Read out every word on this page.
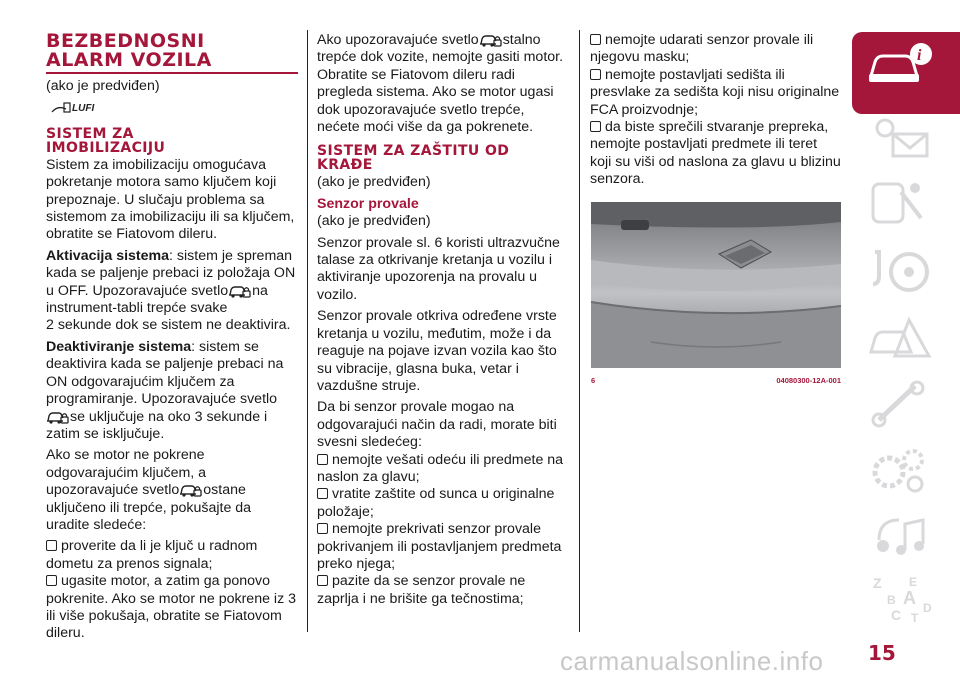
BEZBEDNOSNI
ALARM VOZILA

(ako je predviđen)

LUFI
SISTEM ZA
IMOBILIZACIJU

Sistem za imobilizaciju omogućava pokretanje motora samo ključem koji prepoznaje. U slučaju problema sa sistemom za imobilizaciju ili sa ključem, obratite se Fiatovom dileru.

Aktivacija sistema: sistem je spreman kada se paljenje prebaci iz položaja ON u OFF. Upozoravajuće svetlo na instrument-tabli trepće svake
2 sekunde dok se sistem ne deaktivira.

Deaktiviranje sistema: sistem se deaktivira kada se paljenje prebaci na ON odgovarajućim ključem za programiranje. Upozoravajuće svetlo
se uključuje na oko 3 sekunde i zatim se isključuje.

Ako se motor ne pokrene odgovarajućim ključem, a upozoravajuće svetlo ostane uključeno ili trepće, pokušajte da uradite sledeće:

proverite da li je ključ u radnom dometu za prenos signala;

ugasite motor, a zatim ga ponovo pokrenite. Ako se motor ne pokrene iz 3 ili više pokušaja, obratite se Fiatovom dileru.

Ako upozoravajuće svetlo stalno trepće dok vozite, nemojte gasiti motor. Obratite se Fiatovom dileru radi pregleda sistema. Ako se motor ugasi dok upozoravajuće svetlo trepće, nećete moći više da ga pokrenete.

SISTEM ZA ZAŠTITU OD KRAĐE

(ako je predviđen)

Senzor provale

(ako je predviđen)

Senzor provale sl. 6 koristi ultrazvučne talase za otkrivanje kretanja u vozilu i aktiviranje upozorenja na provalu u vozilo.

Senzor provale otkriva određene vrste kretanja u vozilu, međutim, može i da reaguje na pojave izvan vozila kao što su vibracije, glasna buka, vetar i vazdušne struje.

Da bi senzor provale mogao na odgovarajući način da radi, morate biti svesni sledećeg:

nemojte vešati odeću ili predmete na naslon za glavu;

vratite zaštite od sunca u originalne položaje;

nemojte prekrivati senzor provale pokrivanjem ili postavljanjem predmeta preko njega;

pazite da se senzor provale ne zaprlja i ne brišite ga tečnostima;

nemojte udarati senzor provale ili njegovu masku;

nemojte postavljati sedišta ili presvlake za sedišta koji nisu originalne FCA proizvodnje;

da biste sprečili stvaranje prepreka, nemojte postavljati predmete ili teret koji su viši od naslona za glavu u blizinu senzora.

6	04080300-12A-001
i
Z E
B A D
C T
15
carmanualsonline.info
